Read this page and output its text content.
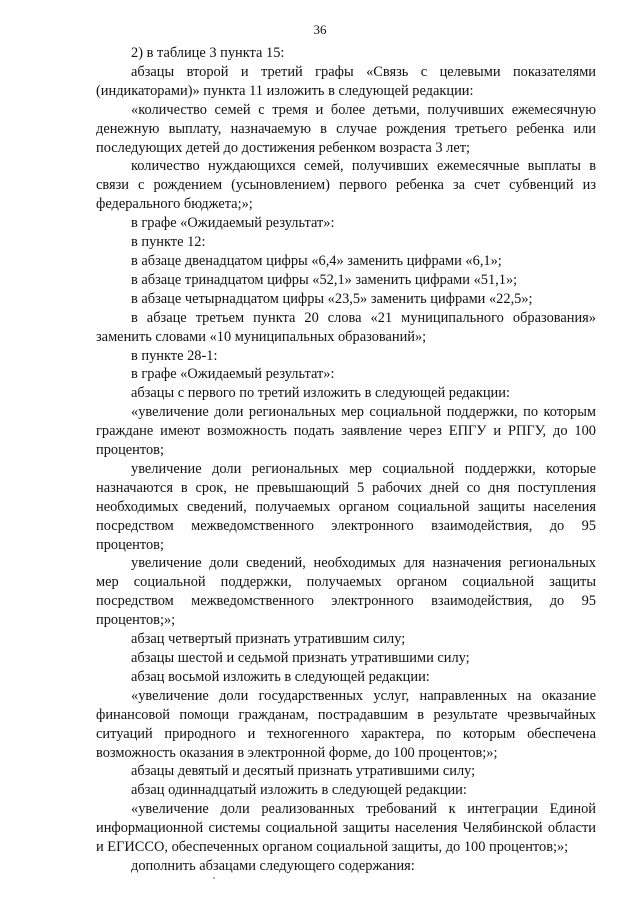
36

2) в таблице 3 пункта 15:

абзацы второй и третий графы «Связь с целевыми показателями (индикаторами)» пункта 11 изложить в следующей редакции:

«количество семей с тремя и более детьми, получивших ежемесячную денежную выплату, назначаемую в случае рождения третьего ребенка или последующих детей до достижения ребенком возраста 3 лет;

количество нуждающихся семей, получивших ежемесячные выплаты в связи с рождением (усыновлением) первого ребенка за счет субвенций из федерального бюджета;»;

в графе «Ожидаемый результат»:

в пункте 12:

в абзаце двенадцатом цифры «6,4» заменить цифрами «6,1»;

в абзаце тринадцатом цифры «52,1» заменить цифрами «51,1»;

в абзаце четырнадцатом цифры «23,5» заменить цифрами «22,5»;

в абзаце третьем пункта 20 слова «21 муниципального образования» заменить словами «10 муниципальных образований»;

в пункте 28-1:

в графе «Ожидаемый результат»:

абзацы с первого по третий изложить в следующей редакции:

«увеличение доли региональных мер социальной поддержки, по которым граждане имеют возможность подать заявление через ЕПГУ и РПГУ, до 100 процентов;

увеличение доли региональных мер социальной поддержки, которые назначаются в срок, не превышающий 5 рабочих дней со дня поступления необходимых сведений, получаемых органом социальной защиты населения посредством межведомственного электронного взаимодействия, до 95 процентов;

увеличение доли сведений, необходимых для назначения региональных мер социальной поддержки, получаемых органом социальной защиты посредством межведомственного электронного взаимодействия, до 95 процентов;»;

абзац четвертый признать утратившим силу;

абзацы шестой и седьмой признать утратившими силу;

абзац восьмой изложить в следующей редакции:

«увеличение доли государственных услуг, направленных на оказание финансовой помощи гражданам, пострадавшим в результате чрезвычайных ситуаций природного и техногенного характера, по которым обеспечена возможность оказания в электронной форме, до 100 процентов;»;

абзацы девятый и десятый признать утратившими силу;

абзац одиннадцатый изложить в следующей редакции:

«увеличение доли реализованных требований к интеграции Единой информационной системы социальной защиты населения Челябинской области и ЕГИССО, обеспеченных органом социальной защиты, до 100 процентов;»;

дополнить абзацами следующего содержания:
